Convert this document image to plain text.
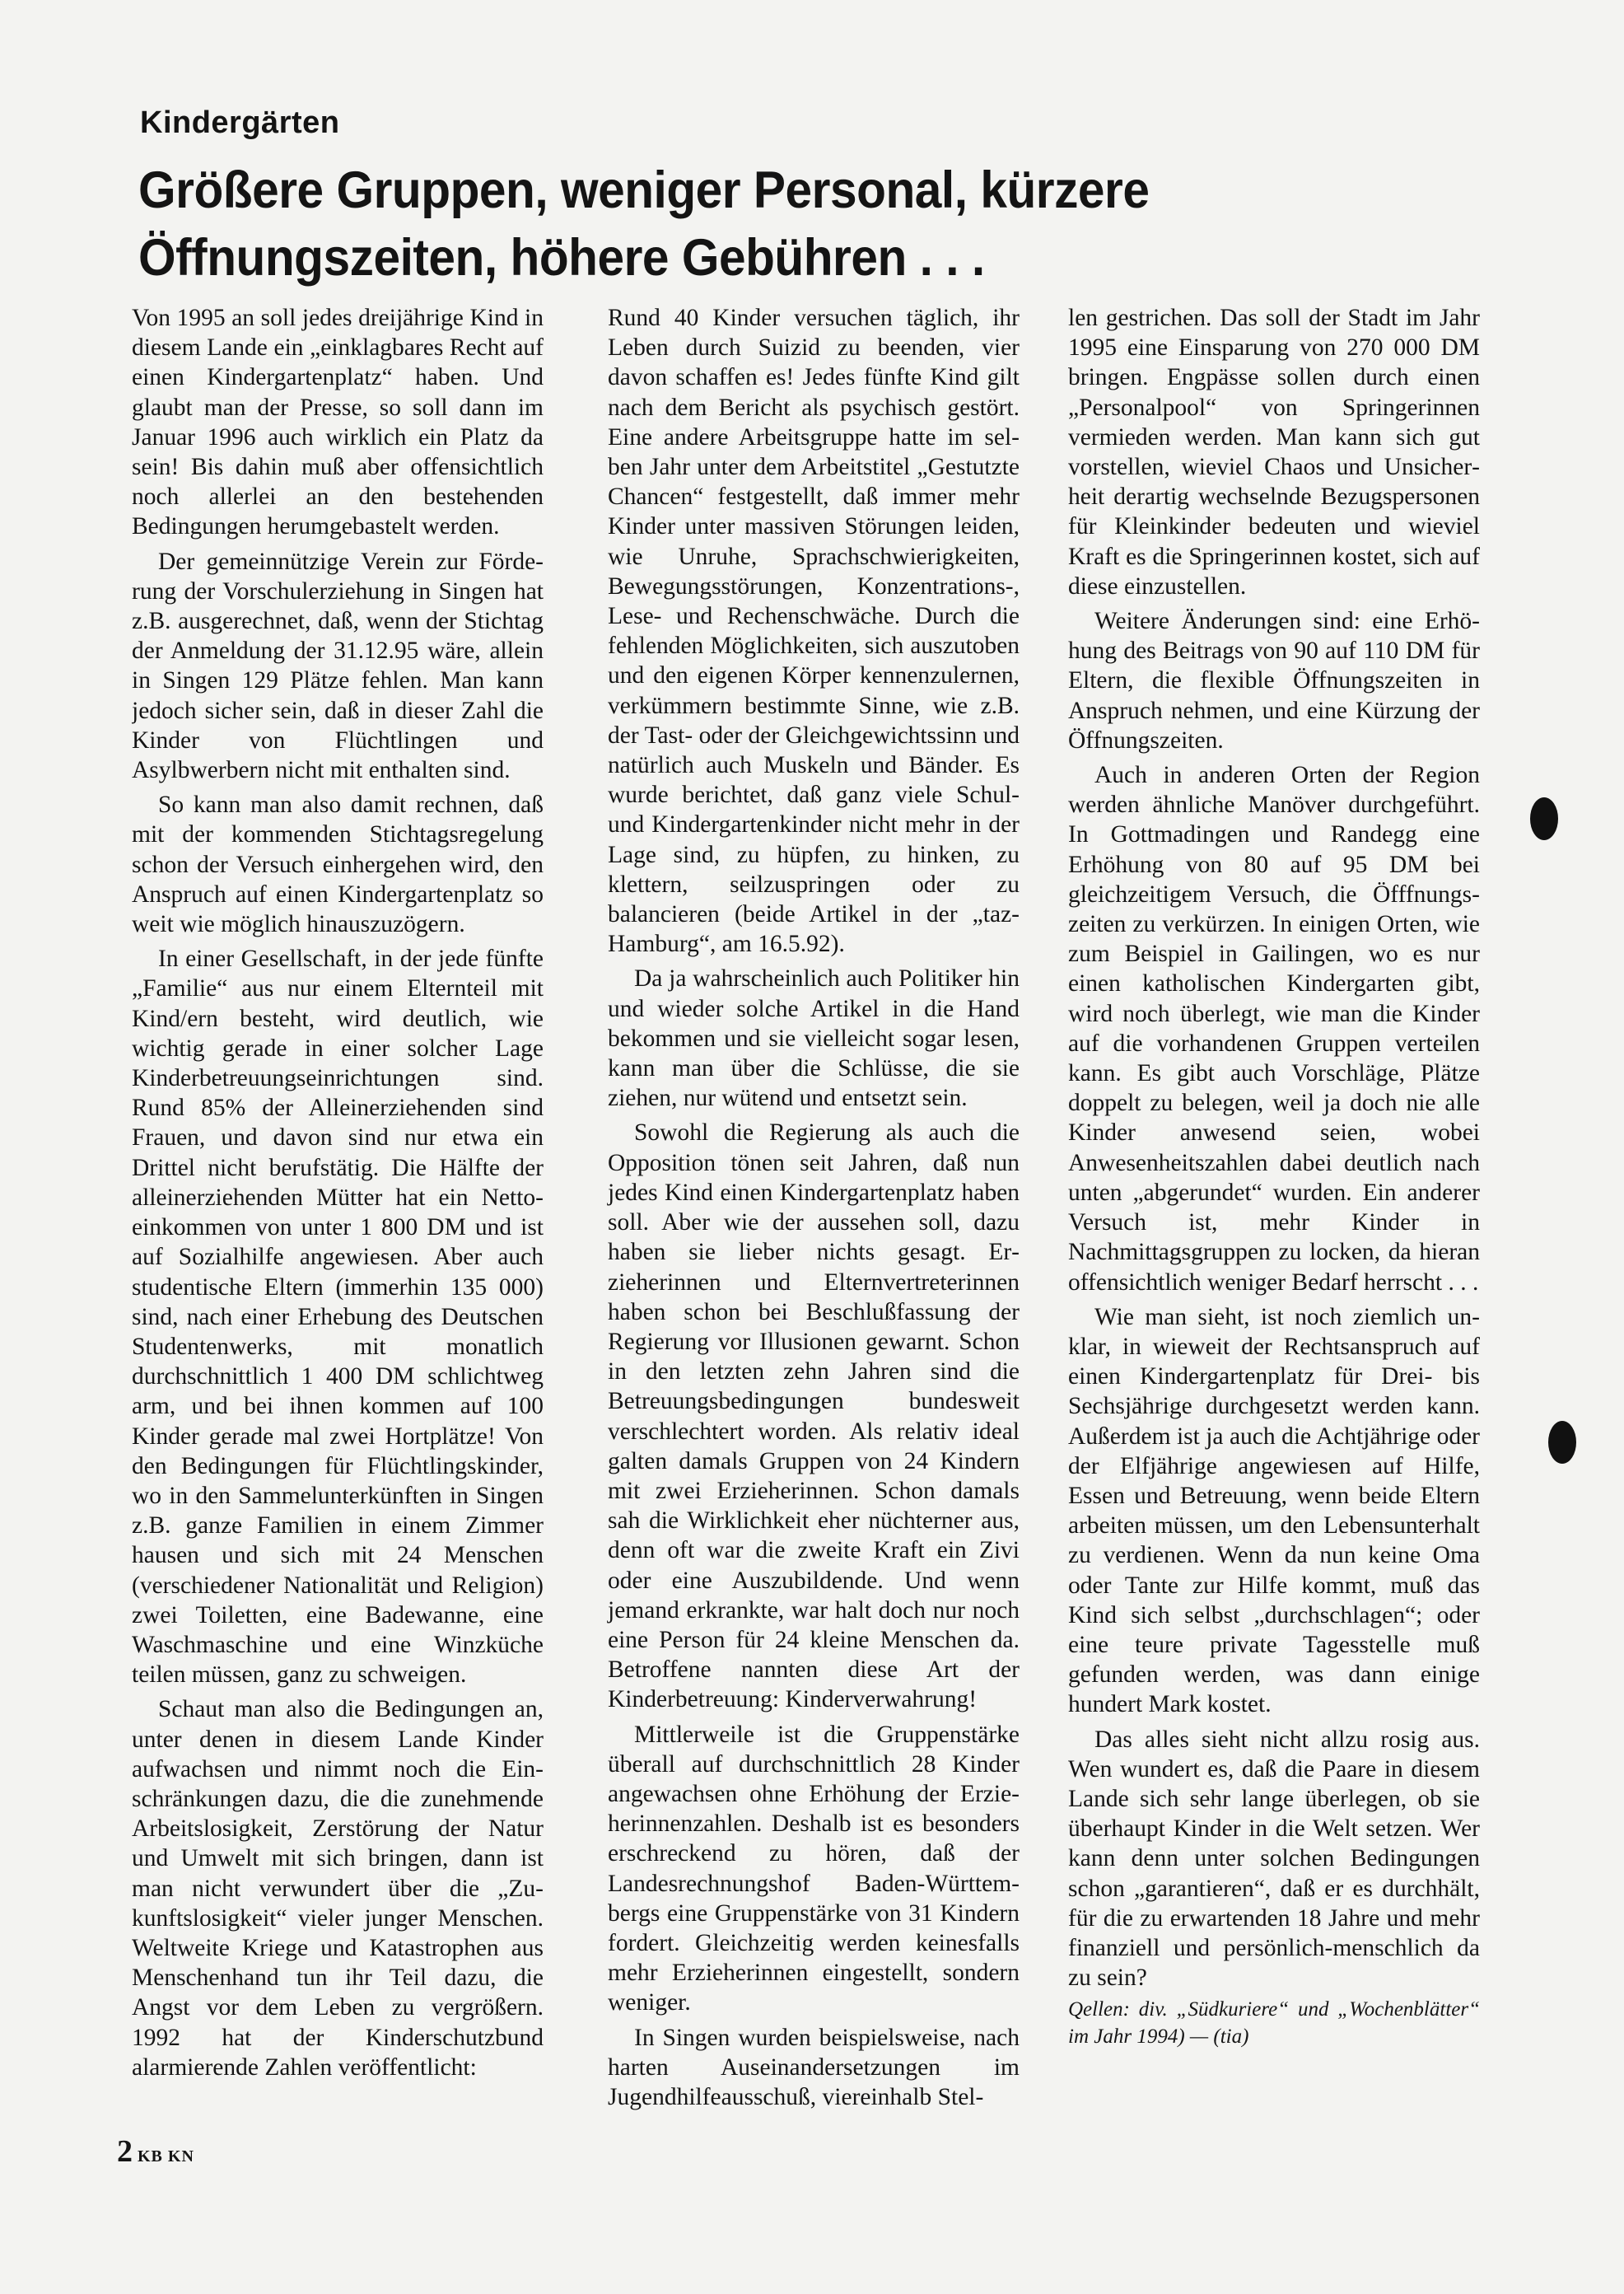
Kindergärten
Größere Gruppen, weniger Personal, kürzere Öffnungszeiten, höhere Gebühren . . .

Von 1995 an soll jedes dreijährige Kind in diesem Lande ein „einklagbares Recht auf einen Kindergartenplatz“ haben. Und glaubt man der Presse, so soll dann im Januar 1996 auch wirklich ein Platz da sein! Bis dahin muß aber offensichtlich noch allerlei an den bestehenden Bedingungen herumgebastelt werden.

Der gemeinnützige Verein zur Förderung der Vorschulerziehung in Singen hat z.B. ausgerechnet, daß, wenn der Stichtag der Anmeldung der 31.12.95 wäre, allein in Singen 129 Plätze fehlen. Man kann jedoch sicher sein, daß in dieser Zahl die Kinder von Flüchtlingen und Asylbwerbern nicht mit enthalten sind.

So kann man also damit rechnen, daß mit der kommenden Stichtagsregelung schon der Versuch einhergehen wird, den Anspruch auf einen Kindergartenplatz so weit wie möglich hinauszuzögern.

In einer Gesellschaft, in der jede fünfte „Familie“ aus nur einem Elternteil mit Kind/ern besteht, wird deutlich, wie wichtig gerade in einer solcher Lage Kinderbetreuungseinrichtungen sind. Rund 85% der Alleinerziehenden sind Frauen, und davon sind nur etwa ein Drittel nicht berufstätig. Die Hälfte der alleinerziehenden Mütter hat ein Nettoeinkommen von unter 1 800 DM und ist auf Sozialhilfe angewiesen. Aber auch studentische Eltern (immerhin 135 000) sind, nach einer Erhebung des Deutschen Studentenwerks, mit monatlich durchschnittlich 1 400 DM schlichtweg arm, und bei ihnen kommen auf 100 Kinder gerade mal zwei Hortplätze! Von den Bedingungen für Flüchtlingskinder, wo in den Sammelunterkünften in Singen z.B. ganze Familien in einem Zimmer hausen und sich mit 24 Menschen (verschiedener Nationalität und Religion) zwei Toiletten, eine Badewanne, eine Waschmaschine und eine Winzküche teilen müssen, ganz zu schweigen.

Schaut man also die Bedingungen an, unter denen in diesem Lande Kinder aufwachsen und nimmt noch die Einschränkungen dazu, die die zunehmende Arbeitslosigkeit, Zerstörung der Natur und Umwelt mit sich bringen, dann ist man nicht verwundert über die „Zukunftslosigkeit“ vieler junger Menschen. Weltweite Kriege und Katastrophen aus Menschenhand tun ihr Teil dazu, die Angst vor dem Leben zu vergrößern. 1992 hat der Kinderschutzbund alarmierende Zahlen veröffentlicht:

Rund 40 Kinder versuchen täglich, ihr Leben durch Suizid zu beenden, vier davon schaffen es! Jedes fünfte Kind gilt nach dem Bericht als psychisch gestört. Eine andere Arbeitsgruppe hatte im selben Jahr unter dem Arbeitstitel „Gestutzte Chancen“ festgestellt, daß immer mehr Kinder unter massiven Störungen leiden, wie Unruhe, Sprachschwierigkeiten, Bewegungsstörungen, Konzentrations-, Lese- und Rechenschwäche. Durch die fehlenden Möglichkeiten, sich auszutoben und den eigenen Körper kennenzulernen, verkümmern bestimmte Sinne, wie z.B. der Tast- oder der Gleichgewichtssinn und natürlich auch Muskeln und Bänder. Es wurde berichtet, daß ganz viele Schul- und Kindergartenkinder nicht mehr in der Lage sind, zu hüpfen, zu hinken, zu klettern, seilzuspringen oder zu balancieren (beide Artikel in der „taz-Hamburg“, am 16.5.92).

Da ja wahrscheinlich auch Politiker hin und wieder solche Artikel in die Hand bekommen und sie vielleicht sogar lesen, kann man über die Schlüsse, die sie ziehen, nur wütend und entsetzt sein.

Sowohl die Regierung als auch die Opposition tönen seit Jahren, daß nun jedes Kind einen Kindergartenplatz haben soll. Aber wie der aussehen soll, dazu haben sie lieber nichts gesagt. Erzieherinnen und Elternvertreterinnen haben schon bei Beschlußfassung der Regierung vor Illusionen gewarnt. Schon in den letzten zehn Jahren sind die Betreuungsbedingungen bundesweit verschlechtert worden. Als relativ ideal galten damals Gruppen von 24 Kindern mit zwei Erzieherinnen. Schon damals sah die Wirklichkeit eher nüchterner aus, denn oft war die zweite Kraft ein Zivi oder eine Auszubildende. Und wenn jemand erkrankte, war halt doch nur noch eine Person für 24 kleine Menschen da. Betroffene nannten diese Art der Kinderbetreuung: Kinderverwahrung!

Mittlerweile ist die Gruppenstärke überall auf durchschnittlich 28 Kinder angewachsen ohne Erhöhung der Erzieherinnenzahlen. Deshalb ist es besonders erschreckend zu hören, daß der Landesrechnungshof Baden-Württembergs eine Gruppenstärke von 31 Kindern fordert. Gleichzeitig werden keinesfalls mehr Erzieherinnen eingestellt, sondern weniger.

In Singen wurden beispielsweise, nach harten Auseinandersetzungen im Jugendhilfeausschuß, viereinhalb Stel-

len gestrichen. Das soll der Stadt im Jahr 1995 eine Einsparung von 270 000 DM bringen. Engpässe sollen durch einen „Personalpool“ von Springerinnen vermieden werden. Man kann sich gut vorstellen, wieviel Chaos und Unsicherheit derartig wechselnde Bezugspersonen für Kleinkinder bedeuten und wieviel Kraft es die Springerinnen kostet, sich auf diese einzustellen.

Weitere Änderungen sind: eine Erhöhung des Beitrags von 90 auf 110 DM für Eltern, die flexible Öffnungszeiten in Anspruch nehmen, und eine Kürzung der Öffnungszeiten.

Auch in anderen Orten der Region werden ähnliche Manöver durchgeführt. In Gottmadingen und Randegg eine Erhöhung von 80 auf 95 DM bei gleichzeitigem Versuch, die Öfffnungszeiten zu verkürzen. In einigen Orten, wie zum Beispiel in Gailingen, wo es nur einen katholischen Kindergarten gibt, wird noch überlegt, wie man die Kinder auf die vorhandenen Gruppen verteilen kann. Es gibt auch Vorschläge, Plätze doppelt zu belegen, weil ja doch nie alle Kinder anwesend seien, wobei Anwesenheitszahlen dabei deutlich nach unten „abgerundet“ wurden. Ein anderer Versuch ist, mehr Kinder in Nachmittagsgruppen zu locken, da hieran offensichtlich weniger Bedarf herrscht . . .

Wie man sieht, ist noch ziemlich unklar, in wieweit der Rechtsanspruch auf einen Kindergartenplatz für Drei- bis Sechsjährige durchgesetzt werden kann. Außerdem ist ja auch die Achtjährige oder der Elfjährige angewiesen auf Hilfe, Essen und Betreuung, wenn beide Eltern arbeiten müssen, um den Lebensunterhalt zu verdienen. Wenn da nun keine Oma oder Tante zur Hilfe kommt, muß das Kind sich selbst „durchschlagen“; oder eine teure private Tagesstelle muß gefunden werden, was dann einige hundert Mark kostet.

Das alles sieht nicht allzu rosig aus. Wen wundert es, daß die Paare in diesem Lande sich sehr lange überlegen, ob sie überhaupt Kinder in die Welt setzen. Wer kann denn unter solchen Bedingungen schon „garantieren“, daß er es durchhält, für die zu erwartenden 18 Jahre und mehr finanziell und persönlich-menschlich da zu sein?

Qellen: div. „Südkuriere“ und „Wochenblätter“ im Jahr 1994) — (tia)

2 KB KN
